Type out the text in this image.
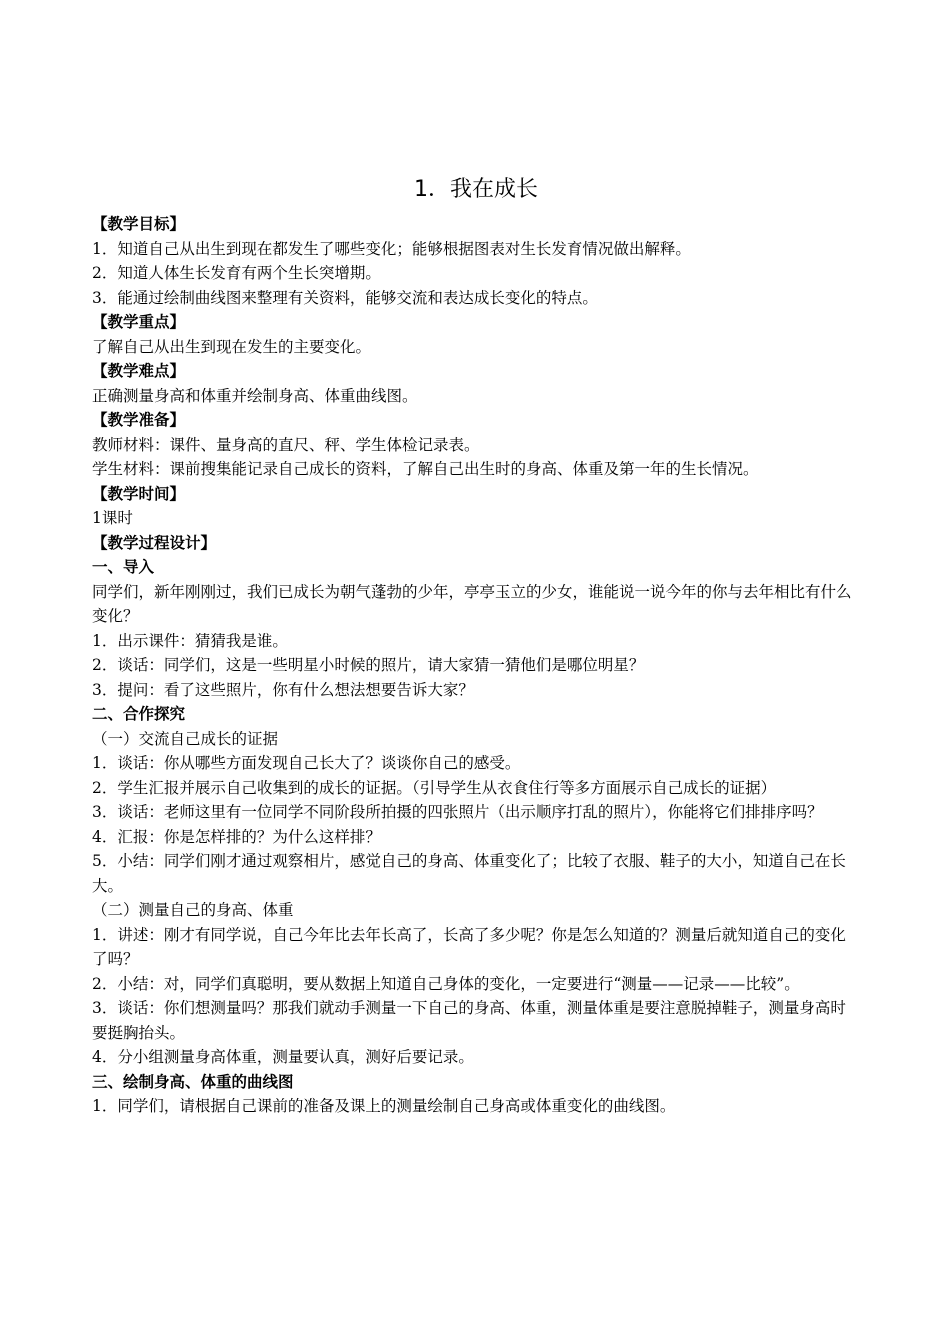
1．我在成长

【教学目标】

1．知道自己从出生到现在都发生了哪些变化；能够根据图表对生长发育情况做出解释。

2．知道人体生长发育有两个生长突增期。

3．能通过绘制曲线图来整理有关资料，能够交流和表达成长变化的特点。

【教学重点】

了解自己从出生到现在发生的主要变化。

【教学难点】

正确测量身高和体重并绘制身高、体重曲线图。

【教学准备】

教师材料：课件、量身高的直尺、秤、学生体检记录表。

学生材料：课前搜集能记录自己成长的资料，了解自己出生时的身高、体重及第一年的生长情况。

【教学时间】

1课时

【教学过程设计】

一、导入

同学们，新年刚刚过，我们已成长为朝气蓬勃的少年，亭亭玉立的少女，谁能说一说今年的你与去年相比有什么变化？

1．出示课件：猜猜我是谁。

2．谈话：同学们，这是一些明星小时候的照片，请大家猜一猜他们是哪位明星？

3．提问：看了这些照片，你有什么想法想要告诉大家？

二、合作探究

（一）交流自己成长的证据

1．谈话：你从哪些方面发现自己长大了？谈谈你自己的感受。

2．学生汇报并展示自己收集到的成长的证据。（引导学生从衣食住行等多方面展示自己成长的证据）

3．谈话：老师这里有一位同学不同阶段所拍摄的四张照片（出示顺序打乱的照片），你能将它们排排序吗？

4．汇报：你是怎样排的？为什么这样排？

5．小结：同学们刚才通过观察相片，感觉自己的身高、体重变化了；比较了衣服、鞋子的大小，知道自己在长大。

（二）测量自己的身高、体重

1．讲述：刚才有同学说，自己今年比去年长高了，长高了多少呢？你是怎么知道的？测量后就知道自己的变化了吗？

2．小结：对，同学们真聪明，要从数据上知道自己身体的变化，一定要进行“测量——记录——比较”。

3．谈话：你们想测量吗？那我们就动手测量一下自己的身高、体重，测量体重是要注意脱掉鞋子，测量身高时要挺胸抬头。

4．分小组测量身高体重，测量要认真，测好后要记录。

三、绘制身高、体重的曲线图

1．同学们，请根据自己课前的准备及课上的测量绘制自己身高或体重变化的曲线图。
